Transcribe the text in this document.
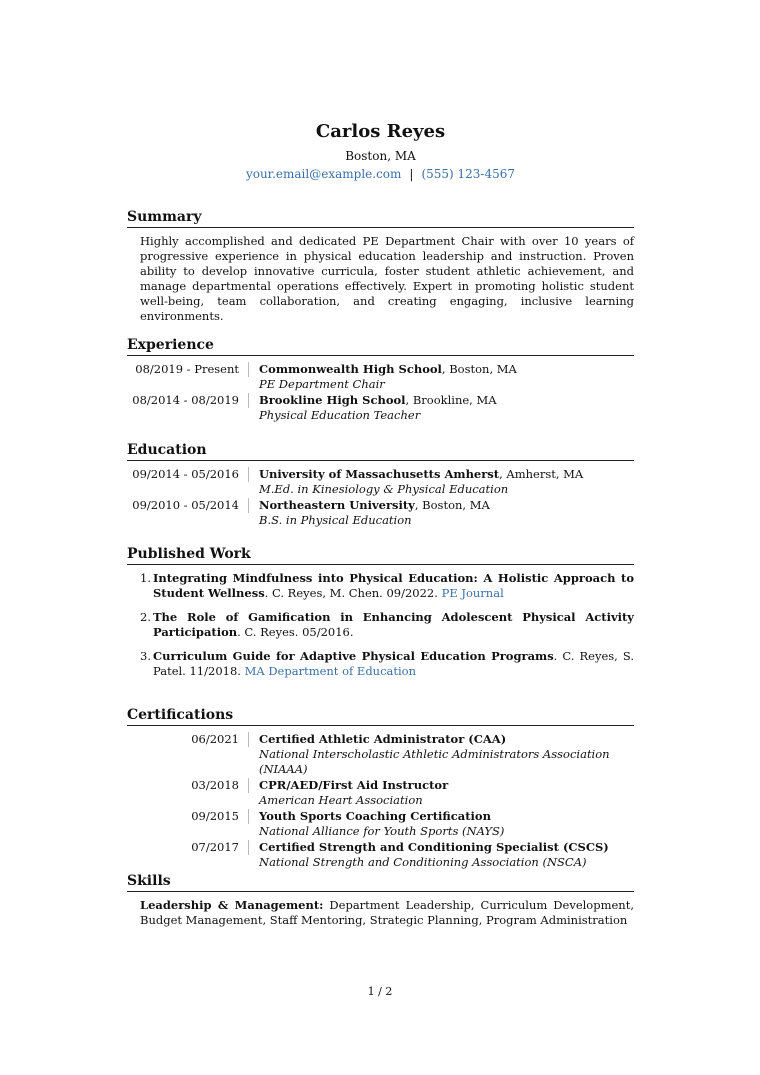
Carlos Reyes
Boston, MA
your.email@example.com | (555) 123-4567
Summary
Highly accomplished and dedicated PE Department Chair with over 10 years of progressive experience in physical education leadership and instruction. Proven ability to develop innovative curricula, foster student athletic achievement, and manage departmental operations effectively. Expert in promoting holistic student well-being, team collaboration, and creating engaging, inclusive learning environments.
Experience
08/2019 - Present	Commonwealth High School, Boston, MA
PE Department Chair
08/2014 - 08/2019	Brookline High School, Brookline, MA
Physical Education Teacher
Education
09/2014 - 05/2016	University of Massachusetts Amherst, Amherst, MA
M.Ed. in Kinesiology & Physical Education
09/2010 - 05/2014	Northeastern University, Boston, MA
B.S. in Physical Education
Published Work
1. Integrating Mindfulness into Physical Education: A Holistic Approach to Student Wellness. C. Reyes, M. Chen. 09/2022. PE Journal
2. The Role of Gamification in Enhancing Adolescent Physical Activity Participation. C. Reyes. 05/2016.
3. Curriculum Guide for Adaptive Physical Education Programs. C. Reyes, S. Patel. 11/2018. MA Department of Education
Certifications
06/2021	Certified Athletic Administrator (CAA)
National Interscholastic Athletic Administrators Association (NIAAA)
03/2018	CPR/AED/First Aid Instructor
American Heart Association
09/2015	Youth Sports Coaching Certification
National Alliance for Youth Sports (NAYS)
07/2017	Certified Strength and Conditioning Specialist (CSCS)
National Strength and Conditioning Association (NSCA)
Skills
Leadership & Management: Department Leadership, Curriculum Development, Budget Management, Staff Mentoring, Strategic Planning, Program Administration
1 / 2
